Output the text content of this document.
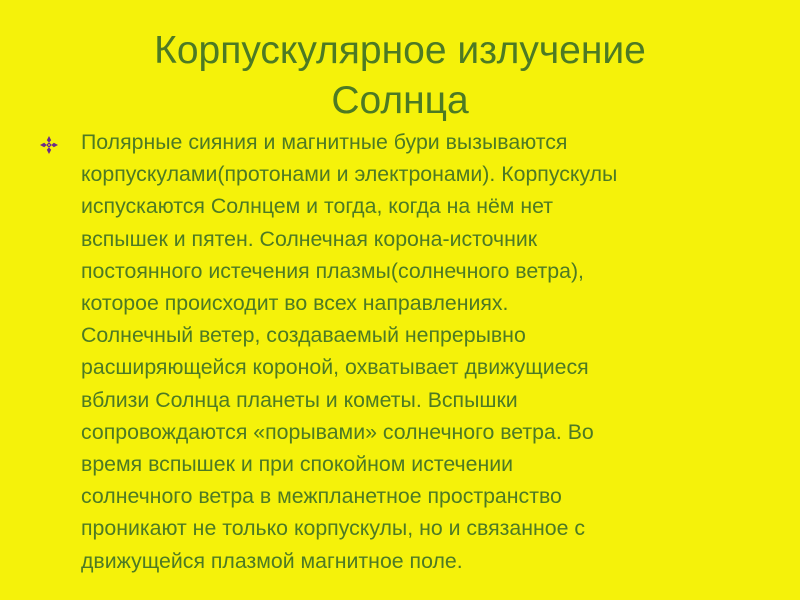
Корпускулярное излучение
Солнца

Полярные сияния и магнитные бури вызываются
корпускулами(протонами и электронами). Корпускулы
испускаются Солнцем и тогда, когда на нём нет
вспышек и пятен. Солнечная корона-источник
постоянного истечения плазмы(солнечного ветра),
которое происходит во всех направлениях.
Солнечный ветер, создаваемый непрерывно
расширяющейся короной, охватывает движущиеся
вблизи Солнца планеты и кометы. Вспышки
сопровождаются «порывами» солнечного ветра. Во
время вспышек и при спокойном истечении
солнечного ветра в межпланетное пространство
проникают не только корпускулы, но и связанное с
движущейся плазмой магнитное поле.
